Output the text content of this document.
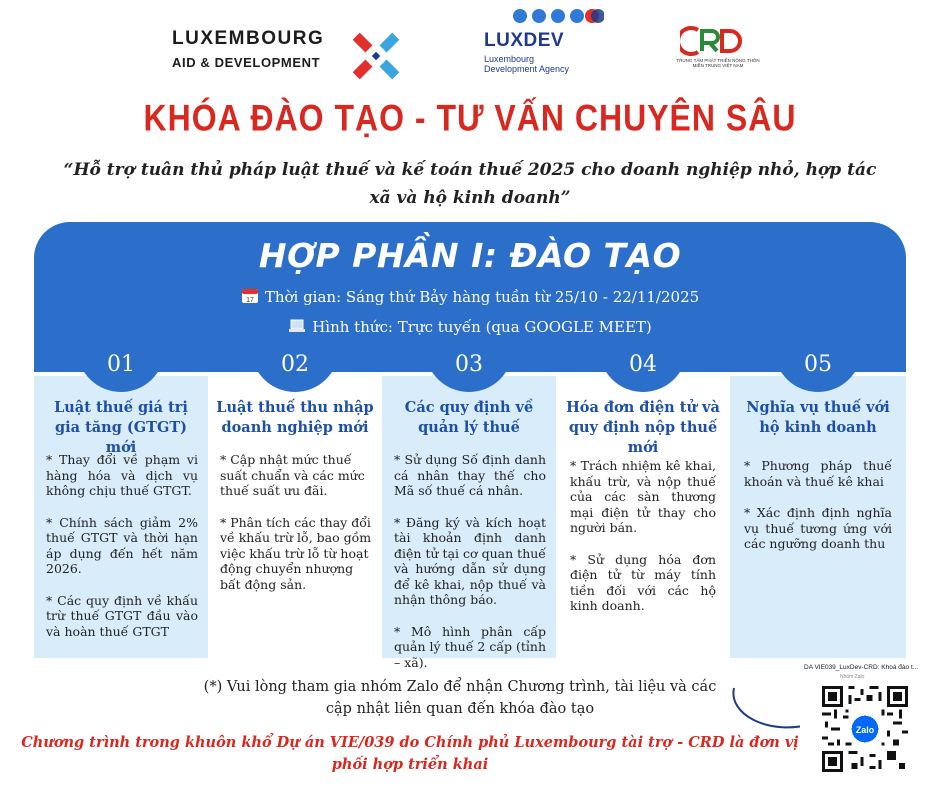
LUXEMBOURG
AID & DEVELOPMENT
LUXDEV
Luxembourg
Development Agency
TRUNG TÂM PHÁT TRIỂN NÔNG THÔN MIỀN TRUNG VIỆT NAM
KHÓA ĐÀO TẠO - TƯ VẤN CHUYÊN SÂU
“Hỗ trợ tuân thủ pháp luật thuế và kế toán thuế 2025 cho doanh nghiệp nhỏ, hợp tác xã và hộ kinh doanh”
HỢP PHẦN I: ĐÀO TẠO
17 Thời gian: Sáng thứ Bảy hàng tuần từ 25/10 - 22/11/2025
Hình thức: Trực tuyến (qua GOOGLE MEET)
01
Luật thuế giá trị gia tăng (GTGT) mới

* Thay đổi về phạm vi hàng hóa và dịch vụ không chịu thuế GTGT.

* Chính sách giảm 2% thuế GTGT và thời hạn áp dụng đến hết năm 2026.

* Các quy định về khấu trừ thuế GTGT đầu vào và hoàn thuế GTGT

02
Luật thuế thu nhập doanh nghiệp mới

* Cập nhật mức thuế suất chuẩn và các mức thuế suất ưu đãi.

* Phân tích các thay đổi về khấu trừ lỗ, bao gồm việc khấu trừ lỗ từ hoạt động chuyển nhượng bất động sản.

03
Các quy định về quản lý thuế

* Sử dụng Số định danh cá nhân thay thế cho Mã số thuế cá nhân.

* Đăng ký và kích hoạt tài khoản định danh điện tử tại cơ quan thuế và hướng dẫn sử dụng để kê khai, nộp thuế và nhận thông báo.

* Mô hình phân cấp quản lý thuế 2 cấp (tỉnh – xã).

04
Hóa đơn điện tử và quy định nộp thuế mới

* Trách nhiệm kê khai, khấu trừ, và nộp thuế của các sàn thương mại điện tử thay cho người bán.

* Sử dụng hóa đơn điện tử từ máy tính tiền đối với các hộ kinh doanh.

05
Nghĩa vụ thuế với hộ kinh doanh

* Phương pháp thuế khoán và thuế kê khai

* Xác định định nghĩa vụ thuế tương ứng với các ngưỡng doanh thu

(*) Vui lòng tham gia nhóm Zalo để nhận Chương trình, tài liệu và các cập nhật liên quan đến khóa đào tạo
Chương trình trong khuôn khổ Dự án VIE/039 do Chính phủ Luxembourg tài trợ - CRD là đơn vị phối hợp triển khai
DA VIE039_LuxDev-CRD: Khoá đào t...
Nhóm Zalo
Zalo
